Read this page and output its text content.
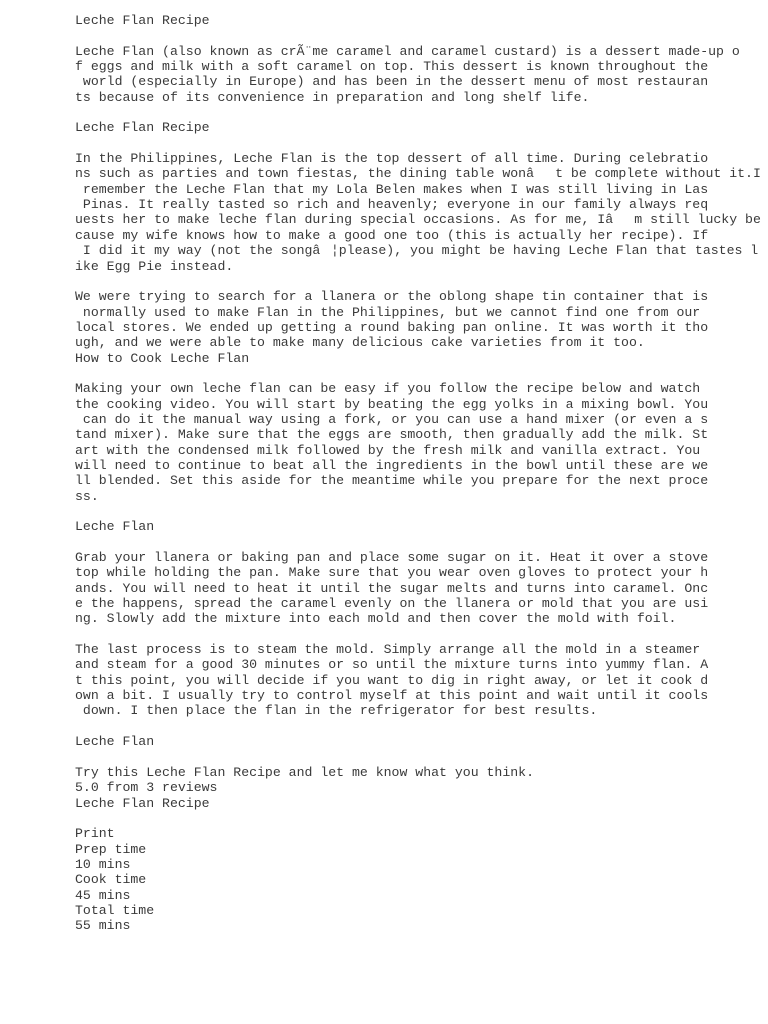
Leche Flan Recipe
Leche Flan (also known as crÃ¨me caramel and caramel custard) is a dessert made-up o
f eggs and milk with a soft caramel on top. This dessert is known throughout the
world (especially in Europe) and has been in the dessert menu of most restauran
ts because of its convenience in preparation and long shelf life.
Leche Flan Recipe
In the Philippines, Leche Flan is the top dessert of all time. During celebratio
ns such as parties and town fiestas, the dining table wonât be complete without it.I
remember the Leche Flan that my Lola Belen makes when I was still living in Las
Pinas. It really tasted so rich and heavenly; everyone in our family always req
uests her to make leche flan during special occasions. As for me, Iâm still lucky be
cause my wife knows how to make a good one too (this is actually her recipe). If
I did it my way (not the songâ¦please), you might be having Leche Flan that tastes l
ike Egg Pie instead.
We were trying to search for a llanera or the oblong shape tin container that is
normally used to make Flan in the Philippines, but we cannot find one from our
local stores. We ended up getting a round baking pan online. It was worth it tho
ugh, and we were able to make many delicious cake varieties from it too.
How to Cook Leche Flan
Making your own leche flan can be easy if you follow the recipe below and watch
the cooking video. You will start by beating the egg yolks in a mixing bowl. You
can do it the manual way using a fork, or you can use a hand mixer (or even a s
tand mixer). Make sure that the eggs are smooth, then gradually add the milk. St
art with the condensed milk followed by the fresh milk and vanilla extract. You
will need to continue to beat all the ingredients in the bowl until these are we
ll blended. Set this aside for the meantime while you prepare for the next proce
ss.
Leche Flan
Grab your llanera or baking pan and place some sugar on it. Heat it over a stove
top while holding the pan. Make sure that you wear oven gloves to protect your h
ands. You will need to heat it until the sugar melts and turns into caramel. Onc
e the happens, spread the caramel evenly on the llanera or mold that you are usi
ng. Slowly add the mixture into each mold and then cover the mold with foil.
The last process is to steam the mold. Simply arrange all the mold in a steamer
and steam for a good 30 minutes or so until the mixture turns into yummy flan. A
t this point, you will decide if you want to dig in right away, or let it cook d
own a bit. I usually try to control myself at this point and wait until it cools
down. I then place the flan in the refrigerator for best results.
Leche Flan
Try this Leche Flan Recipe and let me know what you think.
5.0 from 3 reviews
Leche Flan Recipe
Print
Prep time
10 mins
Cook time
45 mins
Total time
55 mins
